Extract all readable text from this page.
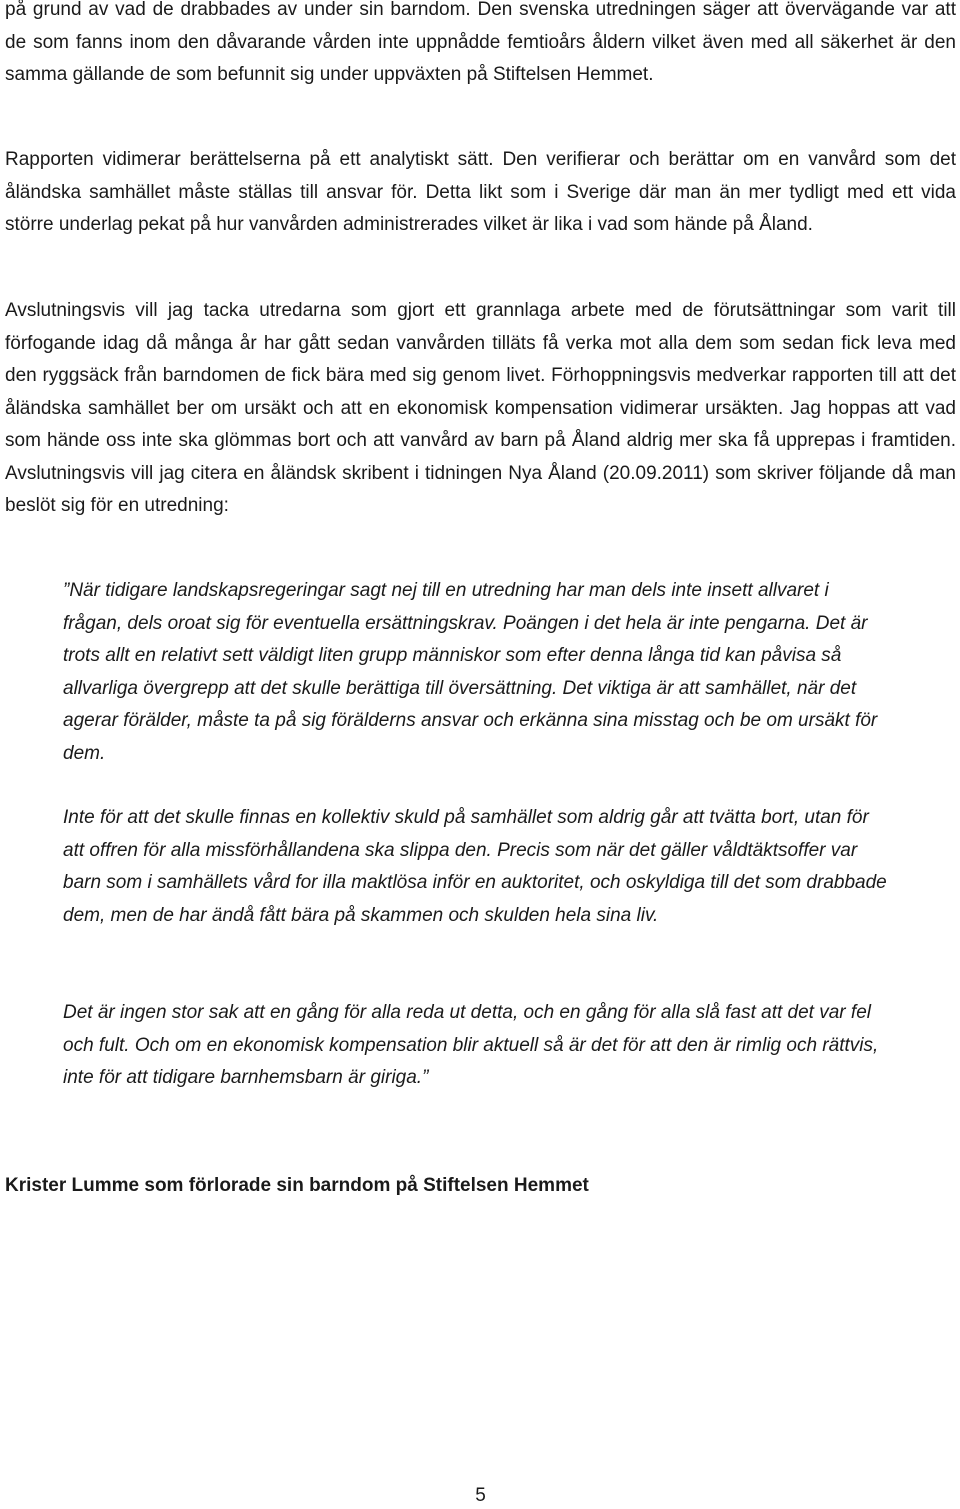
på grund av vad de drabbades av under sin barndom. Den svenska utredningen säger att övervägande var att de som fanns inom den dåvarande vården inte uppnådde femtioårs åldern vilket även med all säkerhet är den samma gällande de som befunnit sig under uppväxten på Stiftelsen Hemmet.

Rapporten vidimerar berättelserna på ett analytiskt sätt. Den verifierar och berättar om en vanvård som det åländska samhället måste ställas till ansvar för. Detta likt som i Sverige där man än mer tydligt med ett vida större underlag pekat på hur vanvården administrerades vilket är lika i vad som hände på Åland.

Avslutningsvis vill jag tacka utredarna som gjort ett grannlaga arbete med de förutsättningar som varit till förfogande idag då många år har gått sedan vanvården tilläts få verka mot alla dem som sedan fick leva med den ryggsäck från barndomen de fick bära med sig genom livet. Förhoppningsvis medverkar rapporten till att det åländska samhället ber om ursäkt och att en ekonomisk kompensation vidimerar ursäkten. Jag hoppas att vad som hände oss inte ska glömmas bort och att vanvård av barn på Åland aldrig mer ska få upprepas i framtiden. Avslutningsvis vill jag citera en åländsk skribent i tidningen Nya Åland (20.09.2011) som skriver följande då man beslöt sig för en utredning:

”När tidigare landskapsregeringar sagt nej till en utredning har man dels inte insett allvaret i frågan, dels oroat sig för eventuella ersättningskrav. Poängen i det hela är inte pengarna. Det är trots allt en relativt sett väldigt liten grupp människor som efter denna långa tid kan påvisa så allvarliga övergrepp att det skulle berättiga till översättning. Det viktiga är att samhället, när det agerar förälder, måste ta på sig förälderns ansvar och erkänna sina misstag och be om ursäkt för dem.

Inte för att det skulle finnas en kollektiv skuld på samhället som aldrig går att tvätta bort, utan för att offren för alla missförhållandena ska slippa den. Precis som när det gäller våldtäktsoffer var barn som i samhällets vård for illa maktlösa inför en auktoritet, och oskyldiga till det som drabbade dem, men de har ändå fått bära på skammen och skulden hela sina liv.

Det är ingen stor sak att en gång för alla reda ut detta, och en gång för alla slå fast att det var fel och fult. Och om en ekonomisk kompensation blir aktuell så är det för att den är rimlig och rättvis, inte för att tidigare barnhemsbarn är giriga.”

Krister Lumme som förlorade sin barndom på Stiftelsen Hemmet

5
